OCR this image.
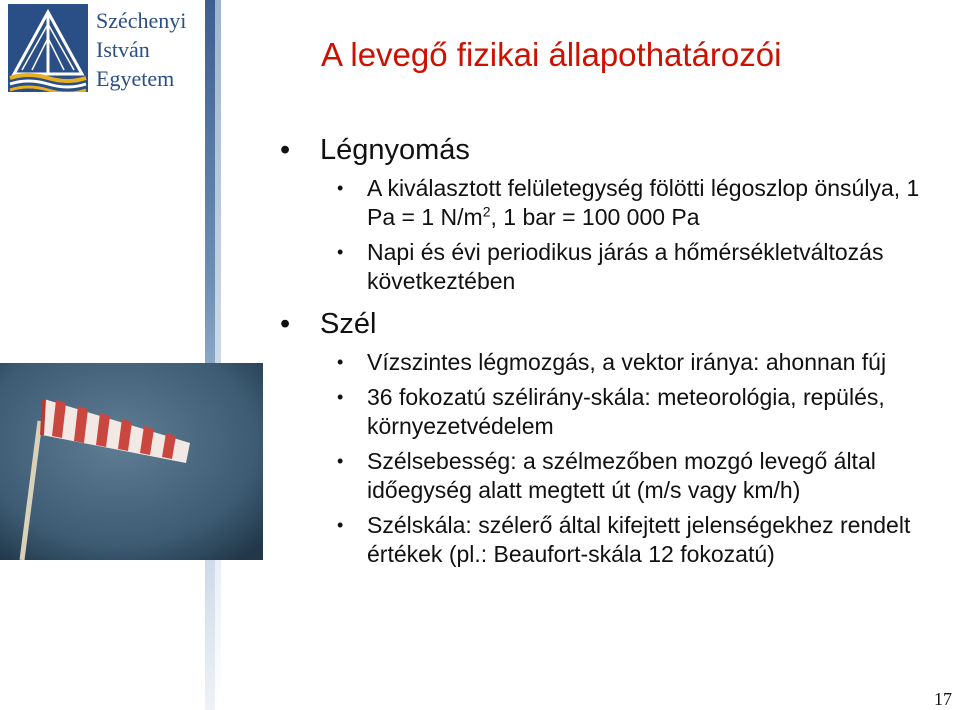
Széchenyi
István
Egyetem
A levegő fizikai állapothatározói
• Légnyomás
• A kiválasztott felületegység fölötti légoszlop önsúlya, 1 Pa = 1 $N/m^2$, 1 bar = 100 000 Pa
• Napi és évi periodikus járás a hőmérsékletváltozás következtében
• Szél
• Vízszintes légmozgás, a vektor iránya: ahonnan fúj
• 36 fokozatú szélirány-skála: meteorológia, repülés, környezetvédelem
• Szélsebesség: a szélmezőben mozgó levegő által időegység alatt megtett út (m/s vagy km/h)
• Szélskála: szélerő által kifejtett jelenségekhez rendelt értékek (pl.: Beaufort-skála 12 fokozatú)
17
